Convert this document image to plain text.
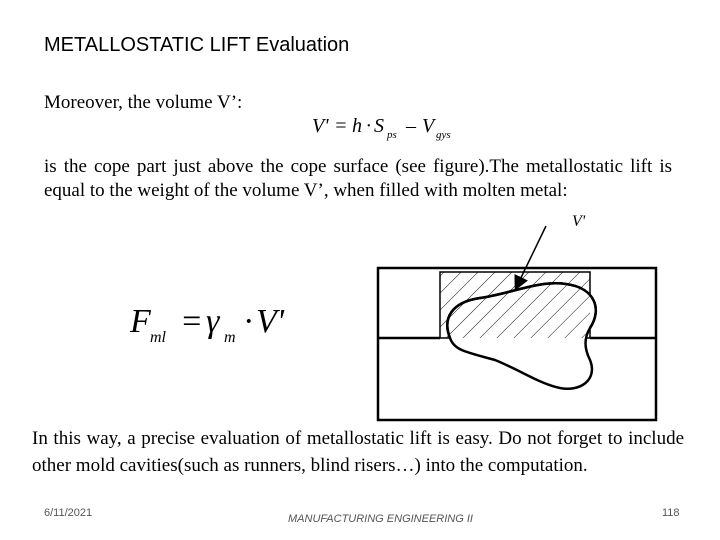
METALLOSTATIC LIFT Evaluation
Moreover, the volume V’:
V' = h · S ps – V gys
is the cope part just above the cope surface (see figure).The metallostatic lift is equal to the weight of the volume V’, when filled with molten metal:
F ml = γ m · V'
V'
In this way, a precise evaluation of metallostatic lift is easy. Do not forget to include other mold cavities(such as runners, blind risers…) into the computation.
6/11/2021	MANUFACTURING ENGINEERING II	118
